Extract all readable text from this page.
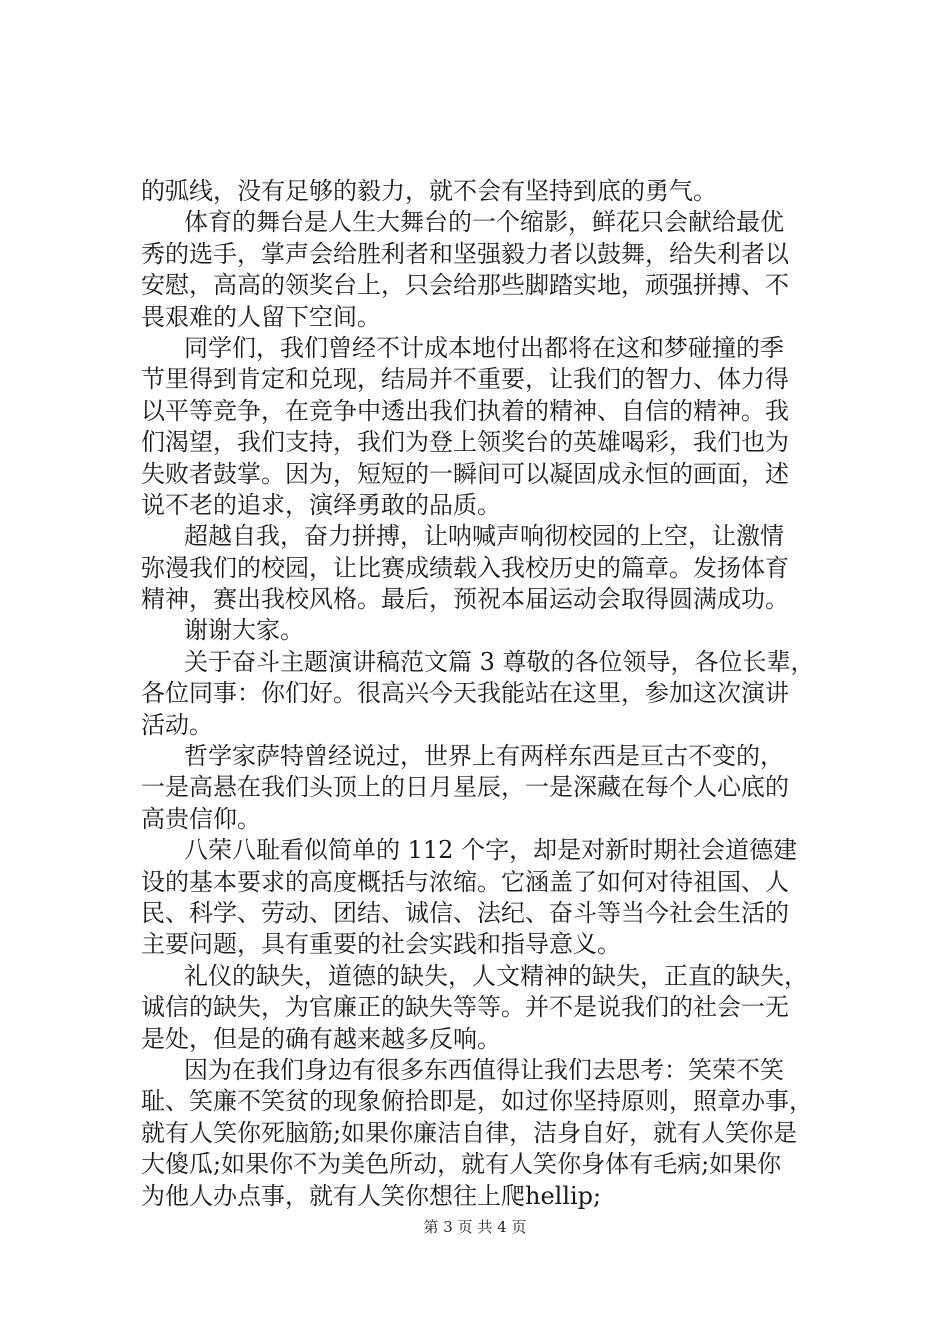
的弧线，没有足够的毅力，就不会有坚持到底的勇气。
体育的舞台是人生大舞台的一个缩影，鲜花只会献给最优
秀的选手，掌声会给胜利者和坚强毅力者以鼓舞，给失利者以
安慰，高高的领奖台上，只会给那些脚踏实地，顽强拼搏、不
畏艰难的人留下空间。
同学们，我们曾经不计成本地付出都将在这和梦碰撞的季
节里得到肯定和兑现，结局并不重要，让我们的智力、体力得
以平等竞争，在竞争中透出我们执着的精神、自信的精神。我
们渴望，我们支持，我们为登上领奖台的英雄喝彩，我们也为
失败者鼓掌。因为，短短的一瞬间可以凝固成永恒的画面，述
说不老的追求，演绎勇敢的品质。
超越自我，奋力拼搏，让呐喊声响彻校园的上空，让激情
弥漫我们的校园，让比赛成绩载入我校历史的篇章。发扬体育
精神，赛出我校风格。最后，预祝本届运动会取得圆满成功。
谢谢大家。
关于奋斗主题演讲稿范文篇 3 尊敬的各位领导，各位长辈，
各位同事：你们好。很高兴今天我能站在这里，参加这次演讲
活动。
哲学家萨特曾经说过，世界上有两样东西是亘古不变的，
一是高悬在我们头顶上的日月星辰，一是深藏在每个人心底的
高贵信仰。
八荣八耻看似简单的 112 个字，却是对新时期社会道德建
设的基本要求的高度概括与浓缩。它涵盖了如何对待祖国、人
民、科学、劳动、团结、诚信、法纪、奋斗等当今社会生活的
主要问题，具有重要的社会实践和指导意义。
礼仪的缺失，道德的缺失，人文精神的缺失，正直的缺失，
诚信的缺失，为官廉正的缺失等等。并不是说我们的社会一无
是处，但是的确有越来越多反响。
因为在我们身边有很多东西值得让我们去思考：笑荣不笑
耻、笑廉不笑贫的现象俯拾即是，如过你坚持原则，照章办事，
就有人笑你死脑筋;如果你廉洁自律，洁身自好，就有人笑你是
大傻瓜;如果你不为美色所动，就有人笑你身体有毛病;如果你
为他人办点事，就有人笑你想往上爬hellip;
第 3 页 共 4 页
